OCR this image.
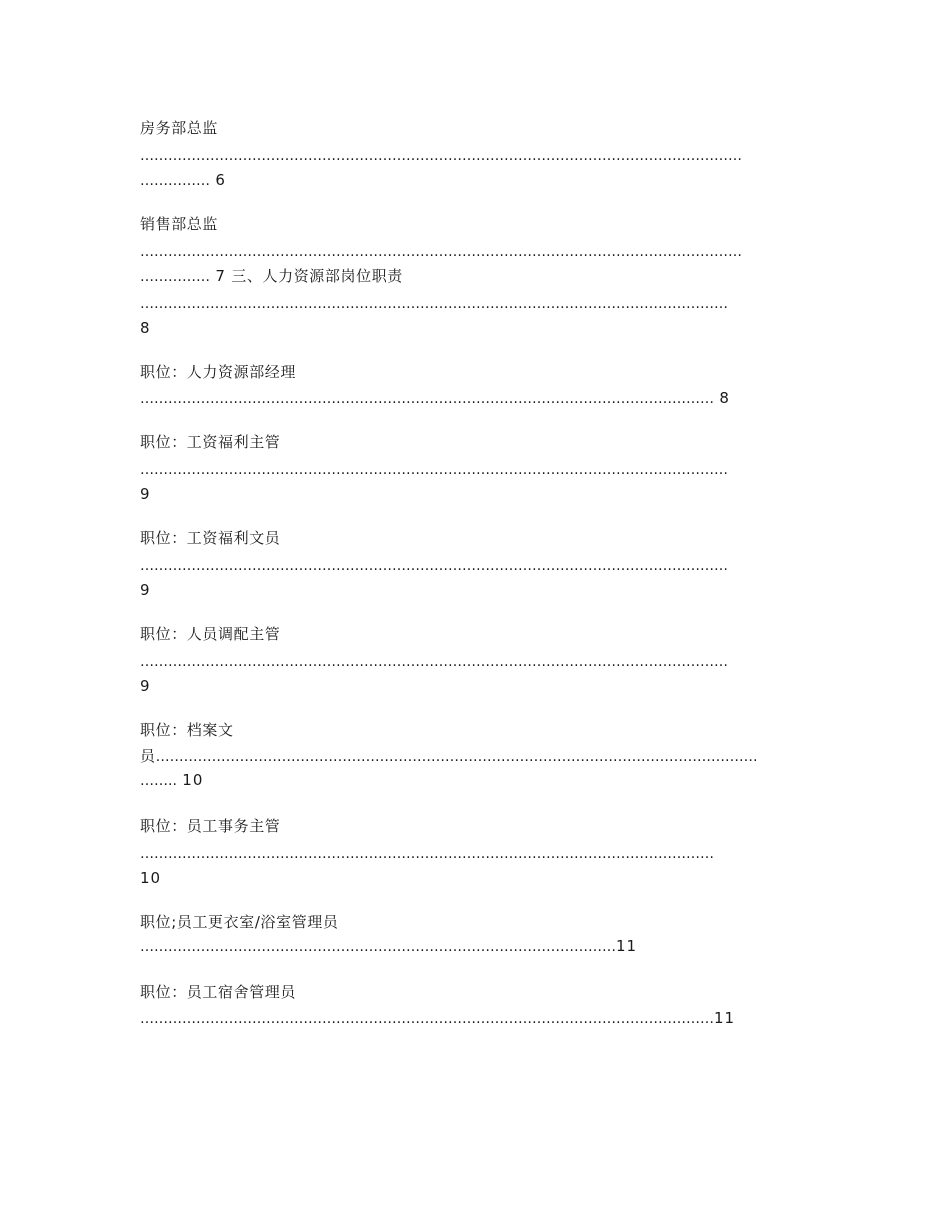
房务部总监
…………………………………………………………………………………………………………………
…………… 6
销售部总监
…………………………………………………………………………………………………………………
…………… 7 三、人力资源部岗位职责
………………………………………………………………………………………………………………
8
职位：人力资源部经理
…………………………………………………………………………………………………………… 8
职位：工资福利主管
………………………………………………………………………………………………………………
9
职位：工资福利文员
………………………………………………………………………………………………………………
9
职位：人员调配主管
………………………………………………………………………………………………………………
9
职位：档案文
员…………………………………………………………………………………………………………………
…….. 10
职位：员工事务主管
……………………………………………………………………………………………………………
10
职位;员工更衣室/浴室管理员
…………………………………………………………………………………………11
职位：员工宿舍管理员
……………………………………………………………………………………………………………11
